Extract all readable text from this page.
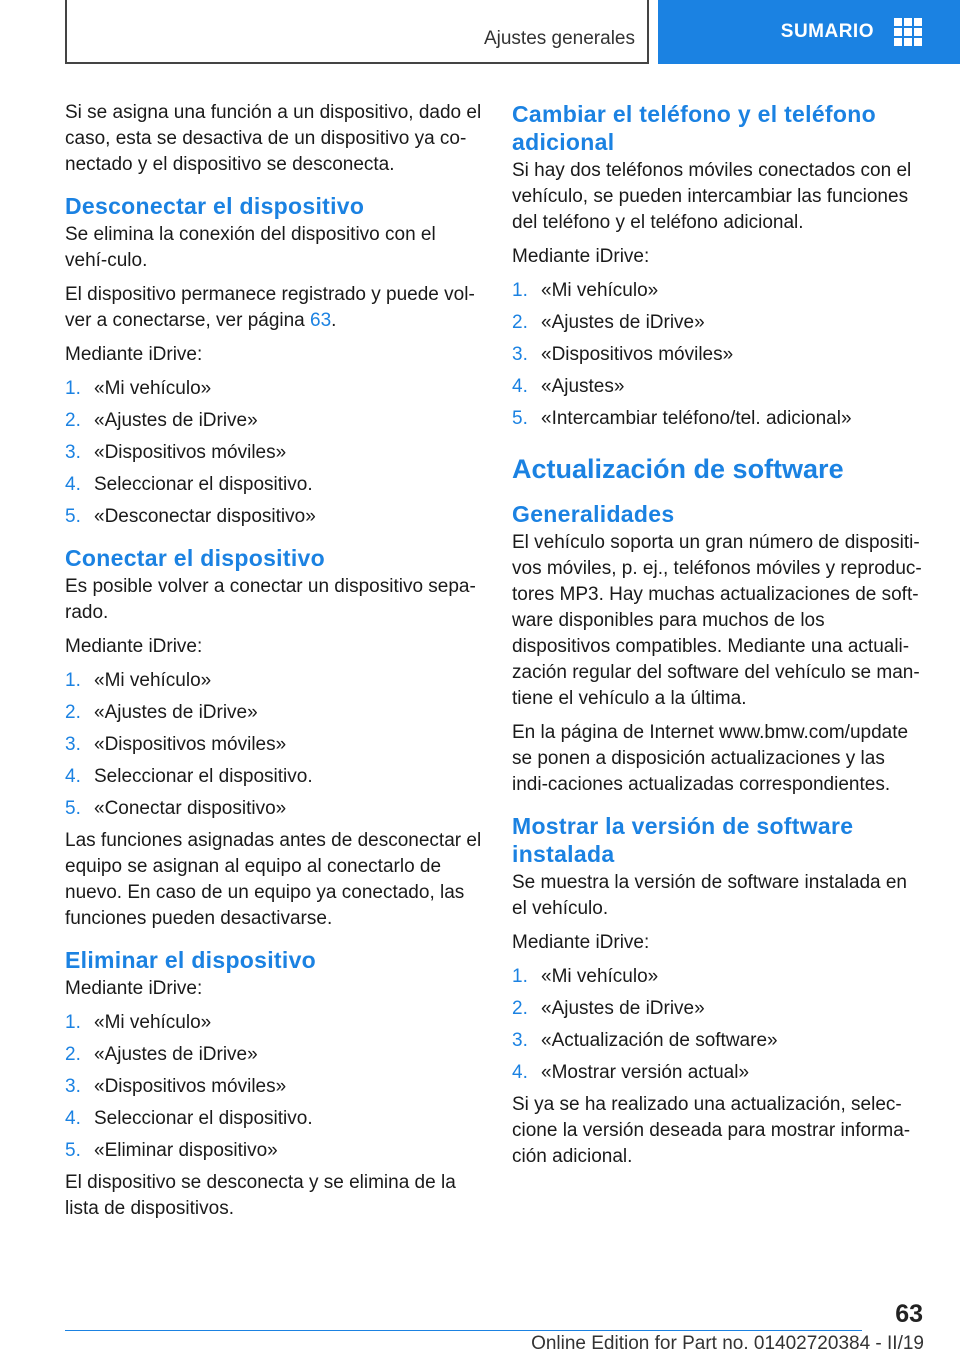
Ajustes generales	SUMARIO

Si se asigna una función a un dispositivo, dado el caso, esta se desactiva de un dispositivo ya co‐nectado y el dispositivo se desconecta.

Desconectar el dispositivo

Se elimina la conexión del dispositivo con el vehí‐culo.

El dispositivo permanece registrado y puede vol‐ver a conectarse, ver página 63.

Mediante iDrive:

1. «Mi vehículo»
2. «Ajustes de iDrive»
3. «Dispositivos móviles»
4. Seleccionar el dispositivo.
5. «Desconectar dispositivo»
Conectar el dispositivo

Es posible volver a conectar un dispositivo sepa‐rado.

Mediante iDrive:

1. «Mi vehículo»
2. «Ajustes de iDrive»
3. «Dispositivos móviles»
4. Seleccionar el dispositivo.
5. «Conectar dispositivo»

Las funciones asignadas antes de desconectar el equipo se asignan al equipo al conectarlo de nuevo. En caso de un equipo ya conectado, las funciones pueden desactivarse.

Eliminar el dispositivo

Mediante iDrive:

1. «Mi vehículo»
2. «Ajustes de iDrive»
3. «Dispositivos móviles»
4. Seleccionar el dispositivo.
5. «Eliminar dispositivo»

El dispositivo se desconecta y se elimina de la lista de dispositivos.

Cambiar el teléfono y el teléfono adicional

Si hay dos teléfonos móviles conectados con el vehículo, se pueden intercambiar las funciones del teléfono y el teléfono adicional.

Mediante iDrive:

1. «Mi vehículo»
2. «Ajustes de iDrive»
3. «Dispositivos móviles»
4. «Ajustes»
5. «Intercambiar teléfono/tel. adicional»
Actualización de software
Generalidades

El vehículo soporta un gran número de dispositi‐vos móviles, p. ej., teléfonos móviles y reproduc‐tores MP3. Hay muchas actualizaciones de soft‐ware disponibles para muchos de los dispositivos compatibles. Mediante una actuali‐zación regular del software del vehículo se man‐tiene el vehículo a la última.

En la página de Internet www.bmw.com/update se ponen a disposición actualizaciones y las indi‐caciones actualizadas correspondientes.

Mostrar la versión de software instalada

Se muestra la versión de software instalada en el vehículo.

Mediante iDrive:

1. «Mi vehículo»
2. «Ajustes de iDrive»
3. «Actualización de software»
4. «Mostrar versión actual»

Si ya se ha realizado una actualización, selec‐cione la versión deseada para mostrar informa‐ción adicional.

63
Online Edition for Part no. 01402720384 - II/19
